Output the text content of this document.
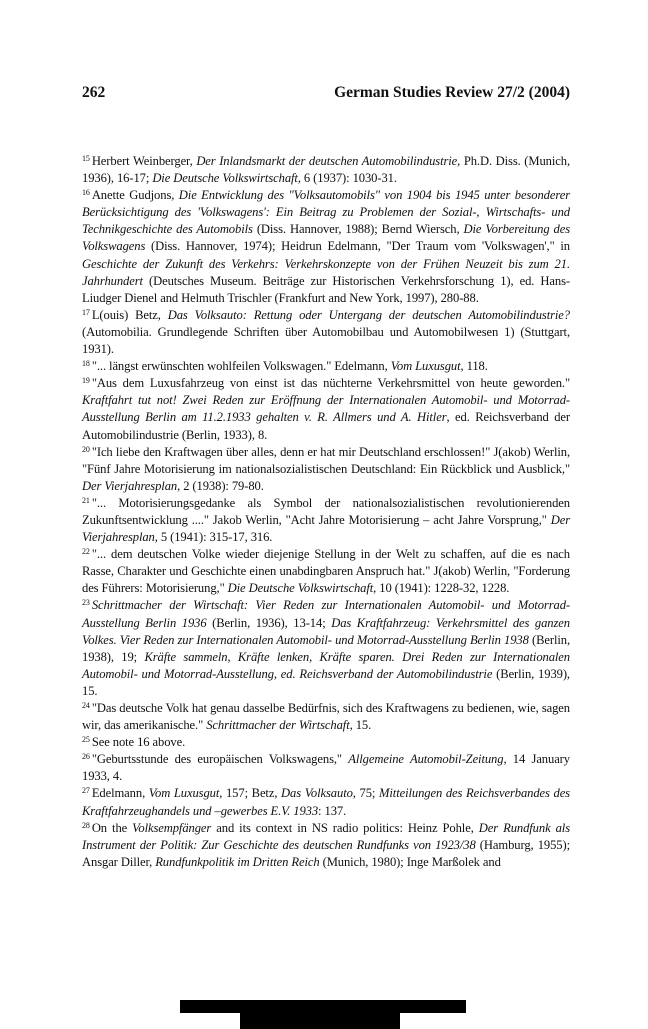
262	German Studies Review 27/2 (2004)

$^{15}$ Herbert Weinberger, Der Inlandsmarkt der deutschen Automobilindustrie, Ph.D. Diss. (Munich, 1936), 16-17; Die Deutsche Volkswirtschaft, 6 (1937): 1030-31.

$^{16}$ Anette Gudjons, Die Entwicklung des "Volksautomobils" von 1904 bis 1945 unter besonderer Berücksichtigung des 'Volkswagens': Ein Beitrag zu Problemen der Sozial-, Wirtschafts- und Technikgeschichte des Automobils (Diss. Hannover, 1988); Bernd Wiersch, Die Vorbereitung des Volkswagens (Diss. Hannover, 1974); Heidrun Edelmann, "Der Traum vom 'Volkswagen'," in Geschichte der Zukunft des Verkehrs: Verkehrskonzepte von der Frühen Neuzeit bis zum 21. Jahrhundert (Deutsches Museum. Beiträge zur Historischen Verkehrsforschung 1), ed. Hans-Liudger Dienel and Helmuth Trischler (Frankfurt and New York, 1997), 280-88.

$^{17}$ L(ouis) Betz, Das Volksauto: Rettung oder Untergang der deutschen Automobilindustrie? (Automobilia. Grundlegende Schriften über Automobilbau und Automobilwesen 1) (Stuttgart, 1931).

$^{18}$ "... längst erwünschten wohlfeilen Volkswagen." Edelmann, Vom Luxusgut, 118.

$^{19}$ "Aus dem Luxusfahrzeug von einst ist das nüchterne Verkehrsmittel von heute geworden." Kraftfahrt tut not! Zwei Reden zur Eröffnung der Internationalen Automobil- und Motorrad-Ausstellung Berlin am 11.2.1933 gehalten v. R. Allmers und A. Hitler, ed. Reichsverband der Automobilindustrie (Berlin, 1933), 8.

$^{20}$ "Ich liebe den Kraftwagen über alles, denn er hat mir Deutschland erschlossen!" J(akob) Werlin, "Fünf Jahre Motorisierung im nationalsozialistischen Deutschland: Ein Rückblick und Ausblick," Der Vierjahresplan, 2 (1938): 79-80.

$^{21}$ "... Motorisierungsgedanke als Symbol der nationalsozialistischen revolutionierenden Zukunftsentwicklung ...." Jakob Werlin, "Acht Jahre Motorisierung – acht Jahre Vorsprung," Der Vierjahresplan, 5 (1941): 315-17, 316.

$^{22}$ "... dem deutschen Volke wieder diejenige Stellung in der Welt zu schaffen, auf die es nach Rasse, Charakter und Geschichte einen unabdingbaren Anspruch hat." J(akob) Werlin, "Forderung des Führers: Motorisierung," Die Deutsche Volkswirtschaft, 10 (1941): 1228-32, 1228.

$^{23}$ Schrittmacher der Wirtschaft: Vier Reden zur Internationalen Automobil- und Motorrad-Ausstellung Berlin 1936 (Berlin, 1936), 13-14; Das Kraftfahrzeug: Verkehrsmittel des ganzen Volkes. Vier Reden zur Internationalen Automobil- und Motorrad-Ausstellung Berlin 1938 (Berlin, 1938), 19; Kräfte sammeln, Kräfte lenken, Kräfte sparen. Drei Reden zur Internationalen Automobil- und Motorrad-Ausstellung, ed. Reichsverband der Automobilindustrie (Berlin, 1939), 15.

$^{24}$ "Das deutsche Volk hat genau dasselbe Bedürfnis, sich des Kraftwagens zu bedienen, wie, sagen wir, das amerikanische." Schrittmacher der Wirtschaft, 15.

$^{25}$ See note 16 above.

$^{26}$ "Geburtsstunde des europäischen Volkswagens," Allgemeine Automobil-Zeitung, 14 January 1933, 4.

$^{27}$ Edelmann, Vom Luxusgut, 157; Betz, Das Volksauto, 75; Mitteilungen des Reichsverbandes des Kraftfahrzeughandels und –gewerbes E.V. 1933: 137.

$^{28}$ On the Volksempfänger and its context in NS radio politics: Heinz Pohle, Der Rundfunk als Instrument der Politik: Zur Geschichte des deutschen Rundfunks von 1923/38 (Hamburg, 1955); Ansgar Diller, Rundfunkpolitik im Dritten Reich (Munich, 1980); Inge Marßolek and
